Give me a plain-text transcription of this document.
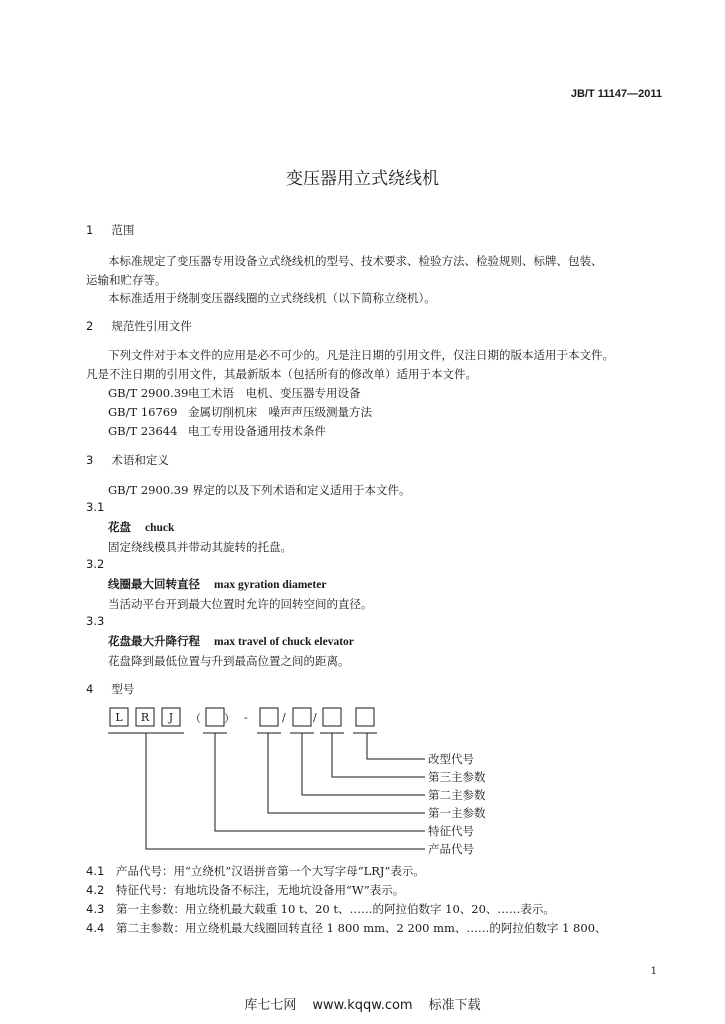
JB/T 11147—2011
变压器用立式绕线机
1 范围
本标准规定了变压器专用设备立式绕线机的型号、技术要求、检验方法、检验规则、标牌、包装、
运输和贮存等。
本标准适用于绕制变压器线圈的立式绕线机（以下简称立绕机）。
2 规范性引用文件
下列文件对于本文件的应用是必不可少的。凡是注日期的引用文件，仅注日期的版本适用于本文件。
凡是不注日期的引用文件，其最新版本（包括所有的修改单）适用于本文件。
GB/T 2900.39电工术语　电机、变压器专用设备
GB/T 16769 金属切削机床　噪声声压级测量方法
GB/T 23644 电工专用设备通用技术条件
3 术语和定义
GB/T 2900.39 界定的以及下列术语和定义适用于本文件。
3.1
花盘 chuck
固定绕线模具并带动其旋转的托盘。
3.2
线圈最大回转直径 max gyration diameter
当活动平台开到最大位置时允许的回转空间的直径。
3.3
花盘最大升降行程 max travel of chuck elevator
花盘降到最低位置与升到最高位置之间的距离。
4 型号
L R J （ ） -	/ /
改型代号
第三主参数
第二主参数
第一主参数
特征代号
产品代号
4.1 产品代号：用“立绕机”汉语拼音第一个大写字母“LRJ”表示。
4.2 特征代号：有地坑设备不标注，无地坑设备用“W”表示。
4.3 第一主参数：用立绕机最大载重 10 t、20 t、……的阿拉伯数字 10、20、……表示。
4.4 第二主参数：用立绕机最大线圈回转直径 1 800 mm、2 200 mm、……的阿拉伯数字 1 800、
1
库七七网 www.kqqw.com 标准下载
